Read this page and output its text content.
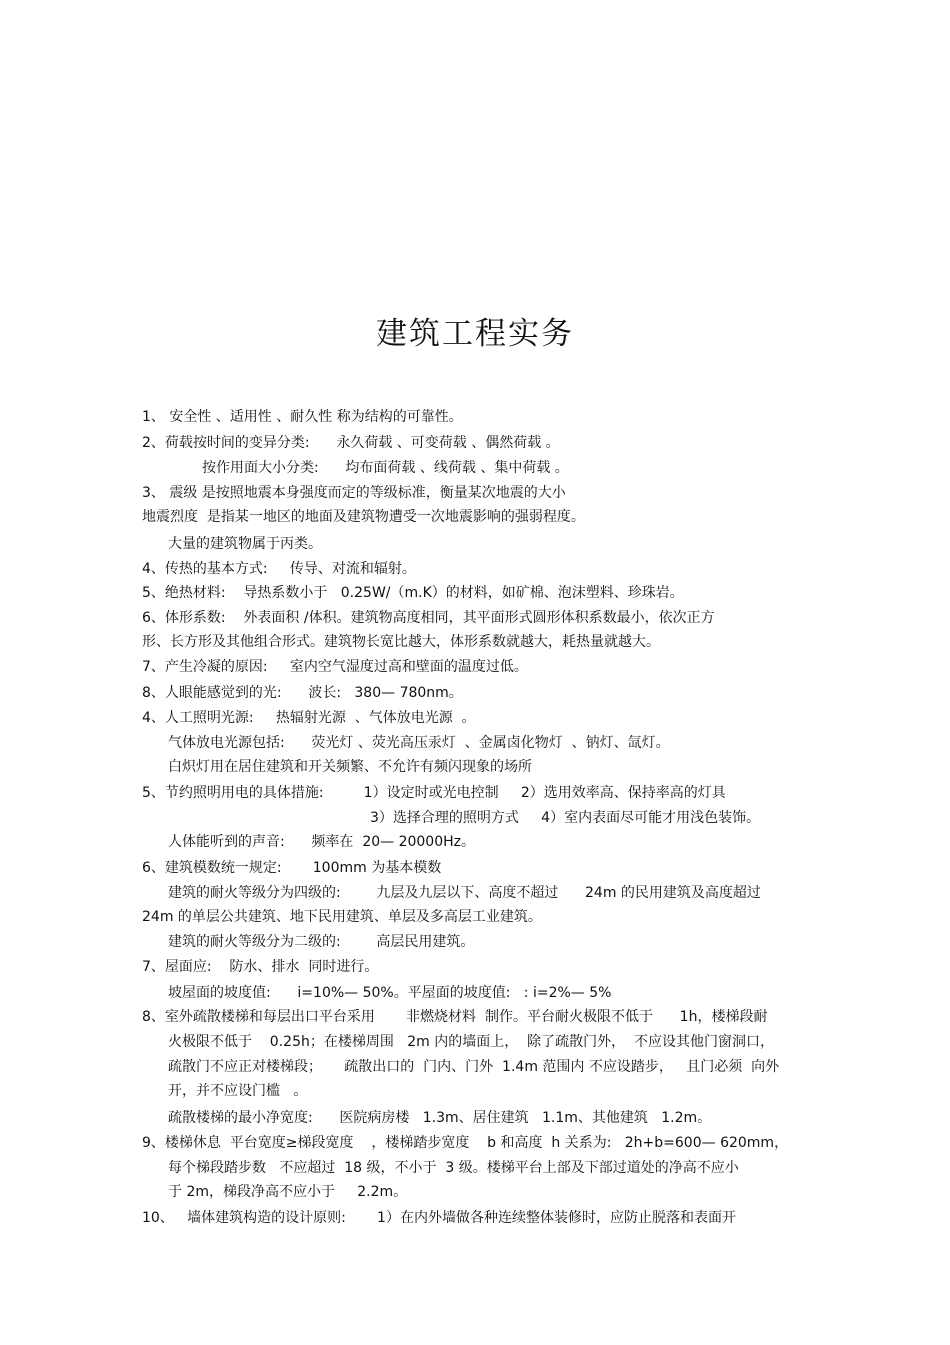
建筑工程实务
1、 安全性 、适用性 、耐久性 称为结构的可靠性。
2、荷载按时间的变异分类:      永久荷载 、可变荷载 、偶然荷载 。
按作用面大小分类:      均布面荷载 、线荷载 、集中荷载 。
3、 震级 是按照地震本身强度而定的等级标准，衡量某次地震的大小
地震烈度  是指某一地区的地面及建筑物遭受一次地震影响的强弱程度。
大量的建筑物属于丙类。
4、传热的基本方式:     传导、对流和辐射。
5、绝热材料:    导热系数小于   0.25W/（m.K）的材料，如矿棉、泡沫塑料、珍珠岩。
6、体形系数:    外表面积 /体积。建筑物高度相同，其平面形式圆形体积系数最小，依次正方
形、长方形及其他组合形式。建筑物长宽比越大，体形系数就越大，耗热量就越大。
7、产生冷凝的原因:     室内空气湿度过高和壁面的温度过低。
8、人眼能感觉到的光:      波长:   380— 780nm。
4、人工照明光源:     热辐射光源  、气体放电光源  。
气体放电光源包括:      荧光灯 、荧光高压汞灯  、金属卤化物灯  、钠灯、氙灯。
白炽灯用在居住建筑和开关频繁、不允许有频闪现象的场所
5、节约照明用电的具体措施:         1）设定时或光电控制     2）选用效率高、保持率高的灯具
3）选择合理的照明方式     4）室内表面尽可能才用浅色装饰。
人体能听到的声音:      频率在  20— 20000Hz。
6、建筑模数统一规定:       100mm 为基本模数
建筑的耐火等级分为四级的:        九层及九层以下、高度不超过      24m 的民用建筑及高度超过
24m 的单层公共建筑、地下民用建筑、单层及多高层工业建筑。
建筑的耐火等级分为二级的:        高层民用建筑。
7、屋面应:    防水、排水  同时进行。
坡屋面的坡度值:      i=10%— 50%。平屋面的坡度值:   : i=2%— 5%
8、室外疏散楼梯和每层出口平台采用       非燃烧材料  制作。平台耐火极限不低于      1h，楼梯段耐
火极限不低于    0.25h；在楼梯周围   2m 内的墙面上，  除了疏散门外，  不应设其他门窗洞口，
疏散门不应正对楼梯段；     疏散出口的  门内、门外  1.4m 范围内 不应设踏步，   且门必须  向外
开，并不应设门槛   。
疏散楼梯的最小净宽度:      医院病房楼   1.3m、居住建筑   1.1m、其他建筑   1.2m。
9、楼梯休息  平台宽度≥梯段宽度    ，楼梯踏步宽度    b 和高度  h 关系为:   2h+b=600— 620mm，
每个梯段踏步数   不应超过  18 级，不小于  3 级。楼梯平台上部及下部过道处的净高不应小
于 2m，梯段净高不应小于     2.2m。
10、   墙体建筑构造的设计原则:       1）在内外墙做各种连续整体装修时，应防止脱落和表面开
